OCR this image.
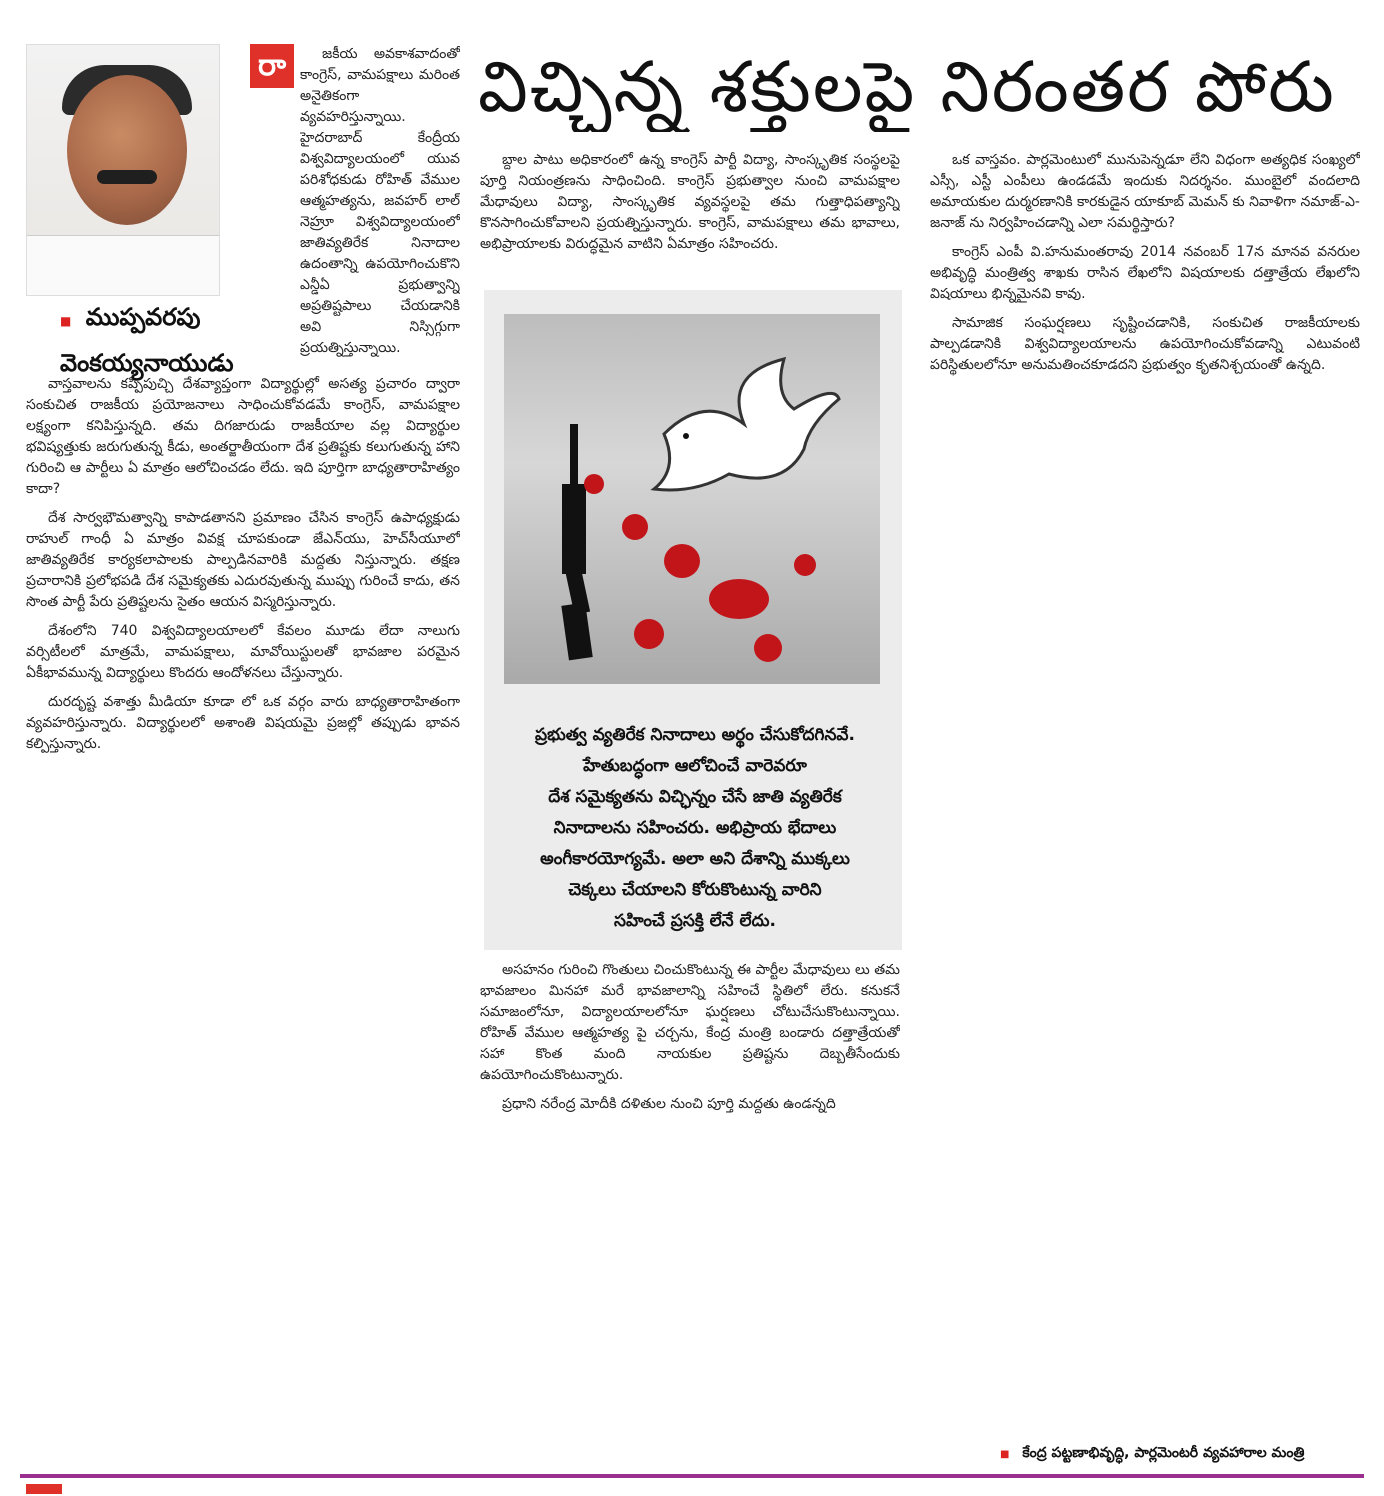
■ ముప్పవరపు
వెంకయ్యనాయుడు
రా	విచ్ఛిన్న శక్తులపై నిరంతర పోరు

జకీయ అవకాశవాదంతో కాంగ్రెస్, వామపక్షాలు మరింత అనైతికంగా వ్యవహరిస్తున్నాయి. హైదరాబాద్ కేంద్రీయ విశ్వవిద్యాలయంలో యువ పరిశోధకుడు రోహిత్ వేముల ఆత్మహత్యను, జవహర్ లాల్ నెహ్రూ విశ్వవిద్యాలయంలో జాతివ్యతిరేక నినాదాల ఉదంతాన్ని ఉపయోగించుకొని ఎన్డీఏ ప్రభుత్వాన్ని అప్రతిష్టపాలు చేయడానికి అవి నిస్సిగ్గుగా ప్రయత్నిస్తున్నాయి.

వాస్తవాలను కప్పిపుచ్చి దేశవ్యాప్తంగా విద్యార్థుల్లో అసత్య ప్రచారం ద్వారా సంకుచిత రాజకీయ ప్రయోజనాలు సాధించుకోవడమే కాంగ్రెస్, వామపక్షాల లక్ష్యంగా కనిపిస్తున్నది. తమ దిగజారుడు రాజకీయాల వల్ల విద్యార్థుల భవిష్యత్తుకు జరుగుతున్న కీడు, అంతర్జాతీయంగా దేశ ప్రతిష్టకు కలుగుతున్న హాని గురించి ఆ పార్టీలు ఏ మాత్రం ఆలోచించడం లేదు. ఇది పూర్తిగా బాధ్యతారాహిత్యం కాదా?

దేశ సార్వభౌమత్వాన్ని కాపాడతానని ప్రమాణం చేసిన కాంగ్రెస్ ఉపాధ్యక్షుడు రాహుల్ గాంధీ ఏ మాత్రం వివక్ష చూపకుండా జేఎన్‌యు, హెచ్‌సీయూలో జాతివ్యతిరేక కార్యకలాపాలకు పాల్పడినవారికి మద్దతు నిస్తున్నారు. తక్షణ ప్రచారానికి ప్రలోభపడి దేశ సమైక్యతకు ఎదురవుతున్న ముప్పు గురించే కాదు, తన సొంత పార్టీ పేరు ప్రతిష్టలను సైతం ఆయన విస్మరిస్తున్నారు.

దేశంలోని 740 విశ్వవిద్యాలయాలలో కేవలం మూడు లేదా నాలుగు వర్సిటీలలో మాత్రమే, వామపక్షాలు, మావోయిస్టులతో భావజాల పరమైన ఏకీభావమున్న విద్యార్థులు కొందరు ఆందోళనలు చేస్తున్నారు.

దురదృష్ట వశాత్తు మీడియా కూడా లో ఒక వర్గం వారు బాధ్యతారాహితంగా వ్యవహరిస్తున్నారు. విద్యార్థులలో అశాంతి విషయమై ప్రజల్లో తప్పుడు భావన కల్పిస్తున్నారు.

బ్దాల పాటు అధికారంలో ఉన్న కాంగ్రెస్ పార్టీ విద్యా, సాంస్కృతిక సంస్థలపై పూర్తి నియంత్రణను సాధించింది. కాంగ్రెస్ ప్రభుత్వాల నుంచి వామపక్షాల మేధావులు విద్యా, సాంస్కృతిక వ్యవస్థలపై తమ గుత్తాధిపత్యాన్ని కొనసాగించుకోవాలని ప్రయత్నిస్తున్నారు. కాంగ్రెస్, వామపక్షాలు తమ భావాలు, అభిప్రాయాలకు విరుద్ధమైన వాటిని ఏమాత్రం సహించరు.

ప్రభుత్వ వ్యతిరేక నినాదాలు అర్థం చేసుకోదగినవే.
హేతుబద్ధంగా ఆలోచించే వారెవరూ
దేశ సమైక్యతను విచ్ఛిన్నం చేసే జాతి వ్యతిరేక
నినాదాలను సహించరు. అభిప్రాయ భేదాలు
అంగీకారయోగ్యమే. అలా అని దేశాన్ని ముక్కలు
చెక్కలు చేయాలని కోరుకొంటున్న వారిని
సహించే ప్రసక్తి లేనే లేదు.

అసహనం గురించి గొంతులు చించుకొంటున్న ఈ పార్టీల మేధావులు లు తమ భావజాలం మినహా మరే భావజాలాన్ని సహించే స్థితిలో లేరు. కనుకనే సమాజంలోనూ, విద్యాలయాలలోనూ ఘర్షణలు చోటుచేసుకొంటున్నాయి. రోహిత్ వేముల ఆత్మహత్య పై చర్చను, కేంద్ర మంత్రి బండారు దత్తాత్రేయతో సహా కొంత మంది నాయకుల ప్రతిష్టను దెబ్బతీసేందుకు ఉపయోగించుకొంటున్నారు.

ప్రధాని నరేంద్ర మోదీకి దళితుల నుంచి పూర్తి మద్దతు ఉండన్నది

ఒక వాస్తవం. పార్లమెంటులో మునుపెన్నడూ లేని విధంగా అత్యధిక సంఖ్యలో ఎస్సీ, ఎస్టీ ఎంపీలు ఉండడమే ఇందుకు నిదర్శనం. ముంబైలో వందలాది అమాయకుల దుర్మరణానికి కారకుడైన యాకూబ్ మెమన్ కు నివాళిగా నమాజ్-ఎ-జనాజ్ ను నిర్వహించడాన్ని ఎలా సమర్థిస్తారు?

కాంగ్రెస్ ఎంపీ వి.హనుమంతరావు 2014 నవంబర్ 17న మానవ వనరుల అభివృద్ధి మంత్రిత్వ శాఖకు రాసిన లేఖలోని విషయాలకు దత్తాత్రేయ లేఖలోని విషయాలు భిన్నమైనవి కావు.

సామాజిక సంఘర్షణలు సృష్టించడానికి, సంకుచిత రాజకీయాలకు పాల్పడడానికి విశ్వవిద్యాలయాలను ఉపయోగించుకోవడాన్ని ఎటువంటి పరిస్థితులలోనూ అనుమతించకూడదని ప్రభుత్వం కృతనిశ్చయంతో ఉన్నది.

■ కేంద్ర పట్టణాభివృద్ధి, పార్లమెంటరీ వ్యవహారాల మంత్రి
